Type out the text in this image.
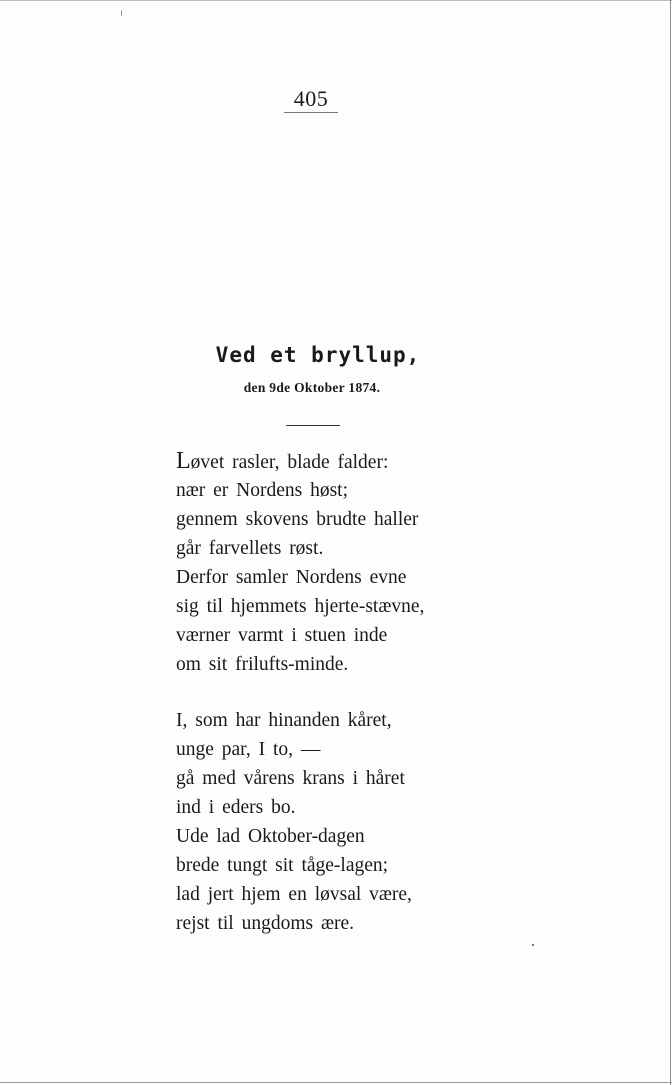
405
Ved et bryllup,
den 9de Oktober 1874.
Løvet rasler, blade falder:
nær er Nordens høst;
gennem skovens brudte haller
går farvellets røst.
Derfor samler Nordens evne
sig til hjemmets hjerte-stævne,
værner varmt i stuen inde
om sit frilufts-minde.
I, som har hinanden kåret,
unge par, I to, —
gå med vårens krans i håret
ind i eders bo.
Ude lad Oktober-dagen
brede tungt sit tåge-lagen;
lad jert hjem en løvsal være,
rejst til ungdoms ære.
